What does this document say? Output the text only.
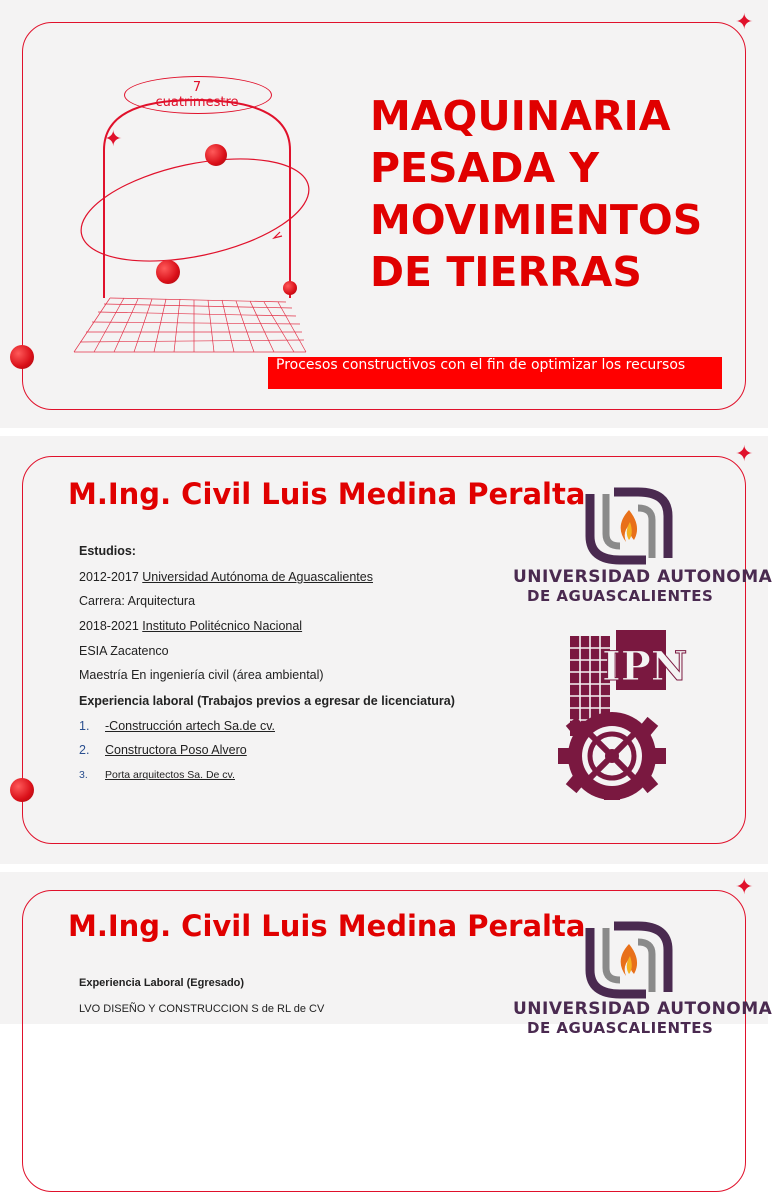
✦
✦
7
cuatrimestre	MAQUINARIA
PESADA Y
MOVIMIENTOS
DE TIERRAS
Procesos constructivos con el fin de optimizar los recursos
✦
M.Ing. Civil Luis Medina Peralta
UNIVERSIDAD AUTONOMA
DE AGUASCALIENTES
IPN
Estudios:
2012-2017 Universidad Autónoma de Aguascalientes
Carrera: Arquitectura
2018-2021 Instituto Politécnico Nacional
ESIA Zacatenco
Maestría En ingeniería civil (área ambiental)
Experiencia laboral (Trabajos previos a egresar de licenciatura)
1. -Construcción artech Sa.de cv.
2. Constructora Poso Alvero
3. Porta arquitectos Sa. De cv.
✦
M.Ing. Civil Luis Medina Peralta
UNIVERSIDAD AUTONOMA
DE AGUASCALIENTES
Experiencia Laboral (Egresado)
LVO DISEÑO Y CONSTRUCCION S de RL de CV
